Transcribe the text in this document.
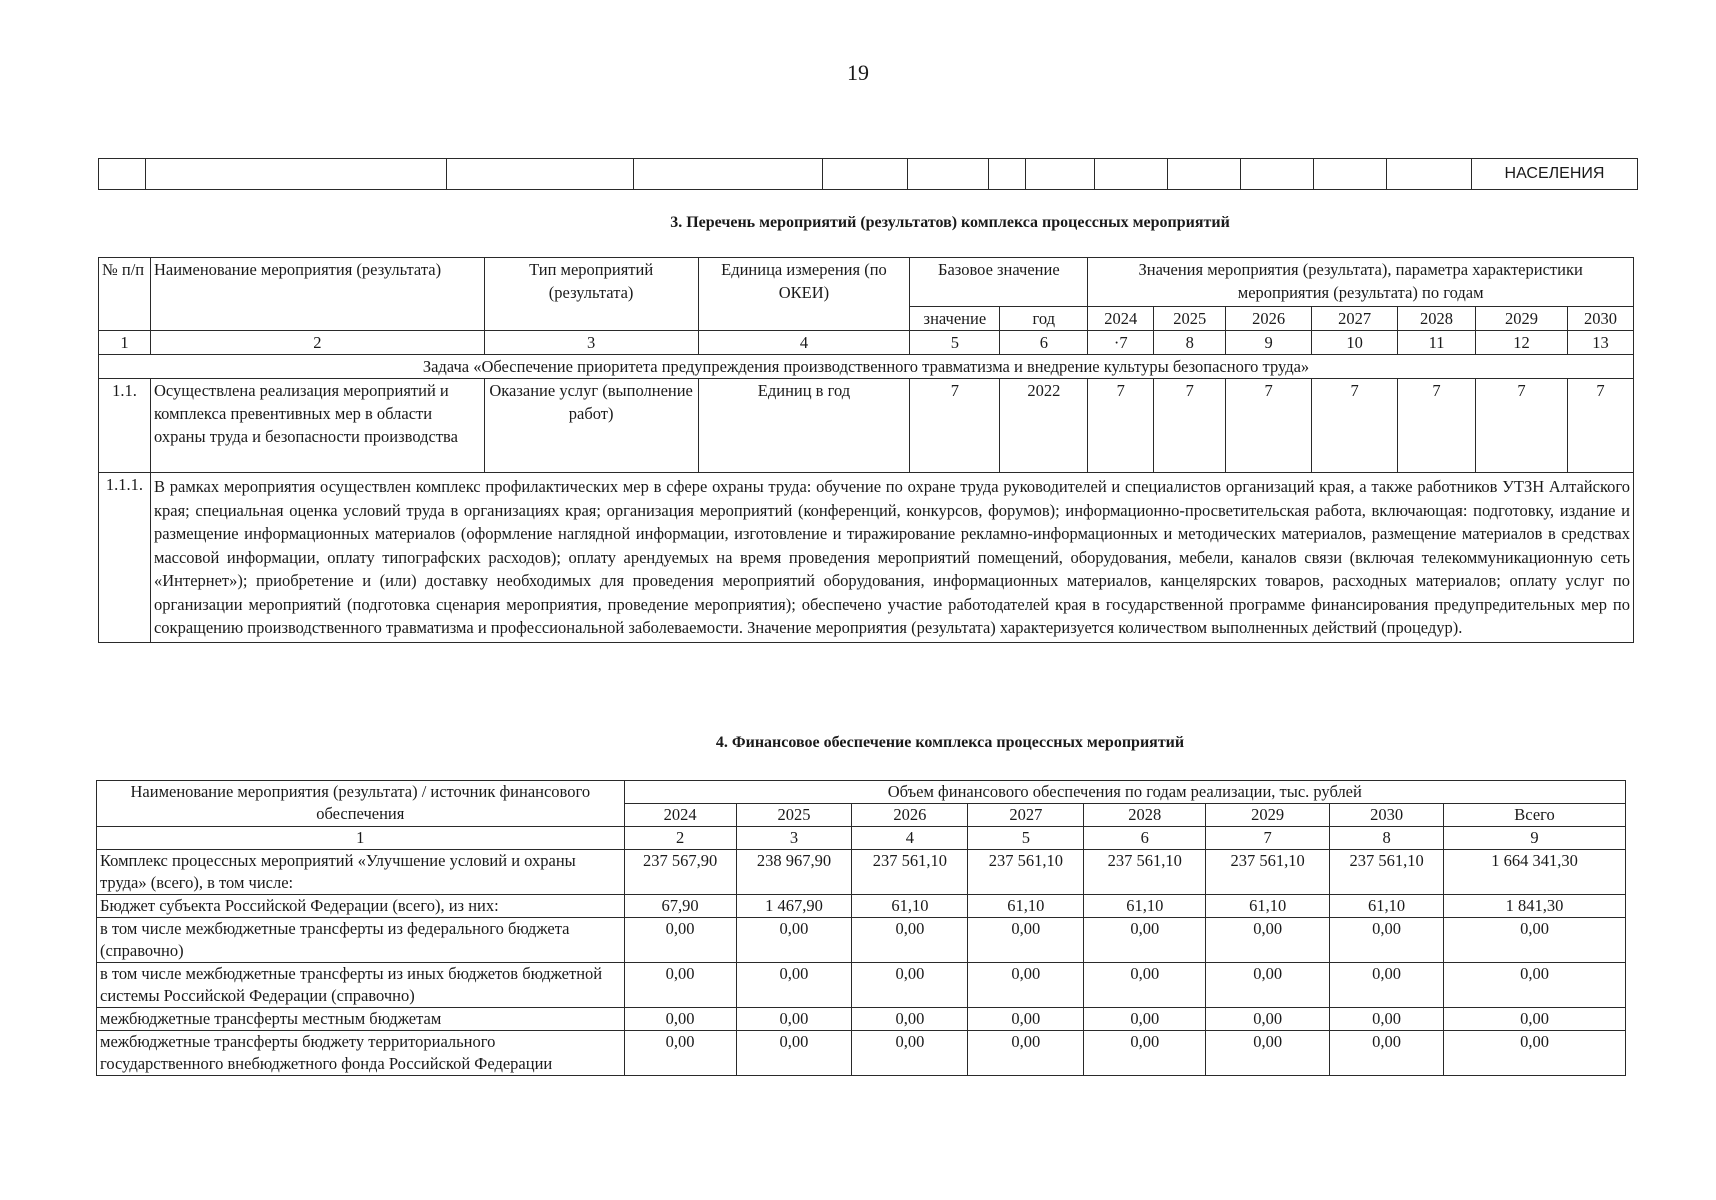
19
													НАСЕЛЕНИЯ
3. Перечень мероприятий (результатов) комплекса процессных мероприятий
№ п/п	Наименование мероприятия (результата)	Тип мероприятий (результата)	Единица измерения (по ОКЕИ)	Базовое значение		Значения мероприятия (результата), параметра характеристики мероприятия (результата) по годам						
				значение	год	2024	2025	2026	2027	2028	2029	2030
1	2	3	4	5	6	·7	8	9	10	11	12	13
Задача «Обеспечение приоритета предупреждения производственного травматизма и внедрение культуры безопасного труда»												
1.1.	Осуществлена реализация мероприятий и комплекса превентивных мер в области охраны труда и безопасности производства	Оказание услуг (выполнение работ)	Единиц в год	7	2022	7	7	7	7	7	7	7
1.1.1.	В рамках мероприятия осуществлен комплекс профилактических мер в сфере охраны труда: обучение по охране труда руководителей и специалистов организаций края, а также работников УТЗН Алтайского края; специальная оценка условий труда в организациях края; организация мероприятий (конференций, конкурсов, форумов); информационно-просветительская работа, включающая: подготовку, издание и размещение информационных материалов (оформление наглядной информации, изготовление и тиражирование рекламно-информационных и методических материалов, размещение материалов в средствах массовой информации, оплату типографских расходов); оплату арендуемых на время проведения мероприятий помещений, оборудования, мебели, каналов связи (включая телекоммуникационную сеть «Интернет»); приобретение и (или) доставку необходимых для проведения мероприятий оборудования, информационных материалов, канцелярских товаров, расходных материалов; оплату услуг по организации мероприятий (подготовка сценария мероприятия, проведение мероприятия); обеспечено участие работодателей края в государственной программе финансирования предупредительных мер по сокращению производственного травматизма и профессиональной заболеваемости. Значение мероприятия (результата) характеризуется количеством выполненных действий (процедур).											
4. Финансовое обеспечение комплекса процессных мероприятий
Наименование мероприятия (результата) / источник финансового обеспечения	Объем финансового обеспечения по годам реализации, тыс. рублей							
	2024	2025	2026	2027	2028	2029	2030	Всего
1	2	3	4	5	6	7	8	9
Комплекс процессных мероприятий «Улучшение условий и охраны труда» (всего), в том числе:	237 567,90	238 967,90	237 561,10	237 561,10	237 561,10	237 561,10	237 561,10	1 664 341,30
Бюджет субъекта Российской Федерации (всего), из них:	67,90	1 467,90	61,10	61,10	61,10	61,10	61,10	1 841,30
в том числе межбюджетные трансферты из федерального бюджета (справочно)	0,00	0,00	0,00	0,00	0,00	0,00	0,00	0,00
в том числе межбюджетные трансферты из иных бюджетов бюджетной системы Российской Федерации (справочно)	0,00	0,00	0,00	0,00	0,00	0,00	0,00	0,00
межбюджетные трансферты местным бюджетам	0,00	0,00	0,00	0,00	0,00	0,00	0,00	0,00
межбюджетные трансферты бюджету территориального государственного внебюджетного фонда Российской Федерации	0,00	0,00	0,00	0,00	0,00	0,00	0,00	0,00
